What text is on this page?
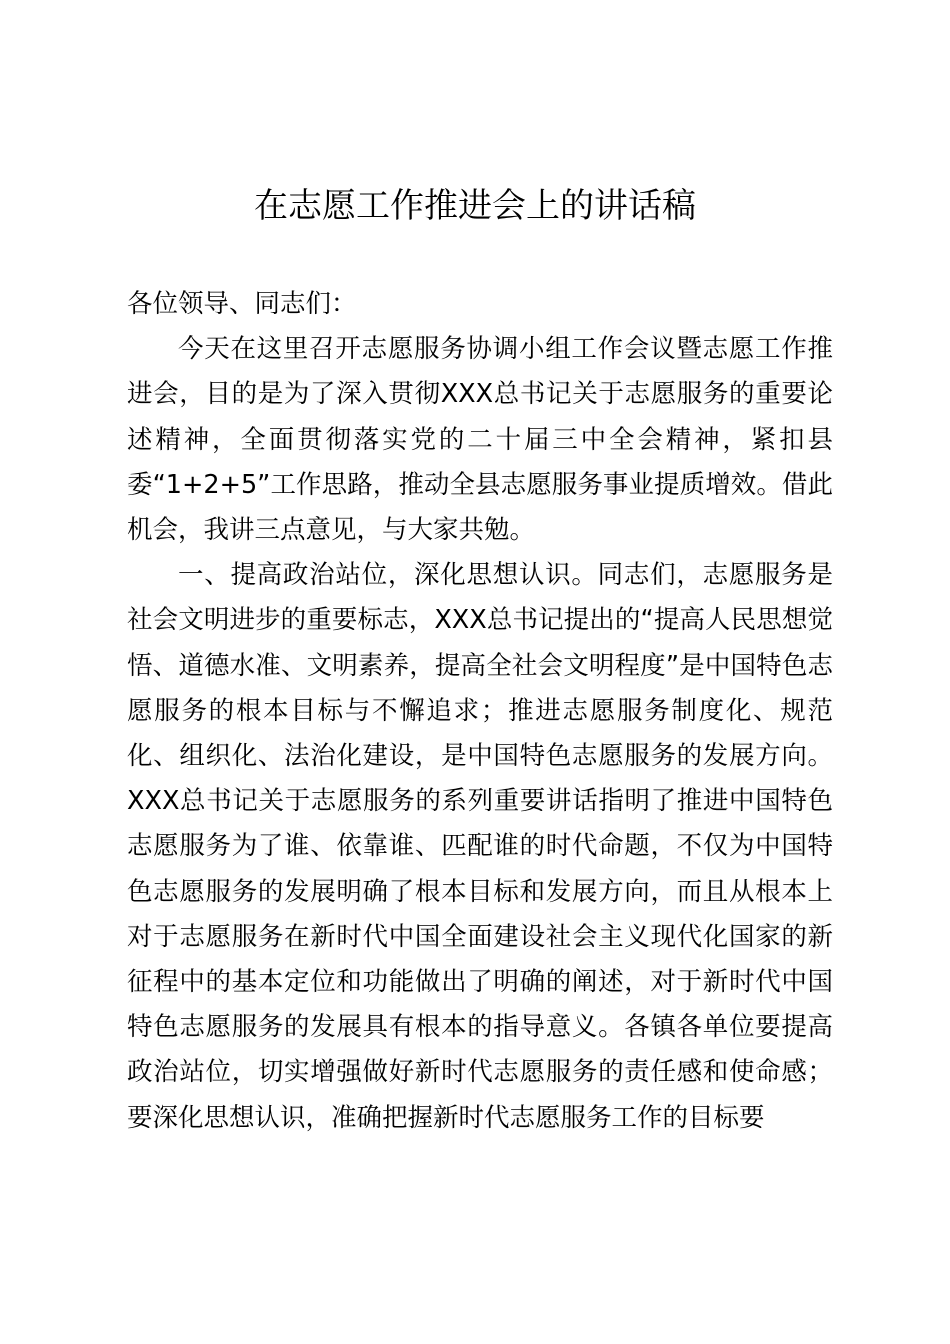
在志愿工作推进会上的讲话稿

各位领导、同志们：

今天在这里召开志愿服务协调小组工作会议暨志愿工作推进会，目的是为了深入贯彻XXX总书记关于志愿服务的重要论述精神，全面贯彻落实党的二十届三中全会精神，紧扣县委“1+2+5”工作思路，推动全县志愿服务事业提质增效。借此机会，我讲三点意见，与大家共勉。

一、提高政治站位，深化思想认识。同志们，志愿服务是社会文明进步的重要标志，XXX总书记提出的“提高人民思想觉悟、道德水准、文明素养，提高全社会文明程度”是中国特色志愿服务的根本目标与不懈追求；推进志愿服务制度化、规范化、组织化、法治化建设，是中国特色志愿服务的发展方向。XXX总书记关于志愿服务的系列重要讲话指明了推进中国特色志愿服务为了谁、依靠谁、匹配谁的时代命题，不仅为中国特色志愿服务的发展明确了根本目标和发展方向，而且从根本上对于志愿服务在新时代中国全面建设社会主义现代化国家的新征程中的基本定位和功能做出了明确的阐述，对于新时代中国特色志愿服务的发展具有根本的指导意义。各镇各单位要提高政治站位，切实增强做好新时代志愿服务的责任感和使命感；要深化思想认识，准确把握新时代志愿服务工作的目标要
